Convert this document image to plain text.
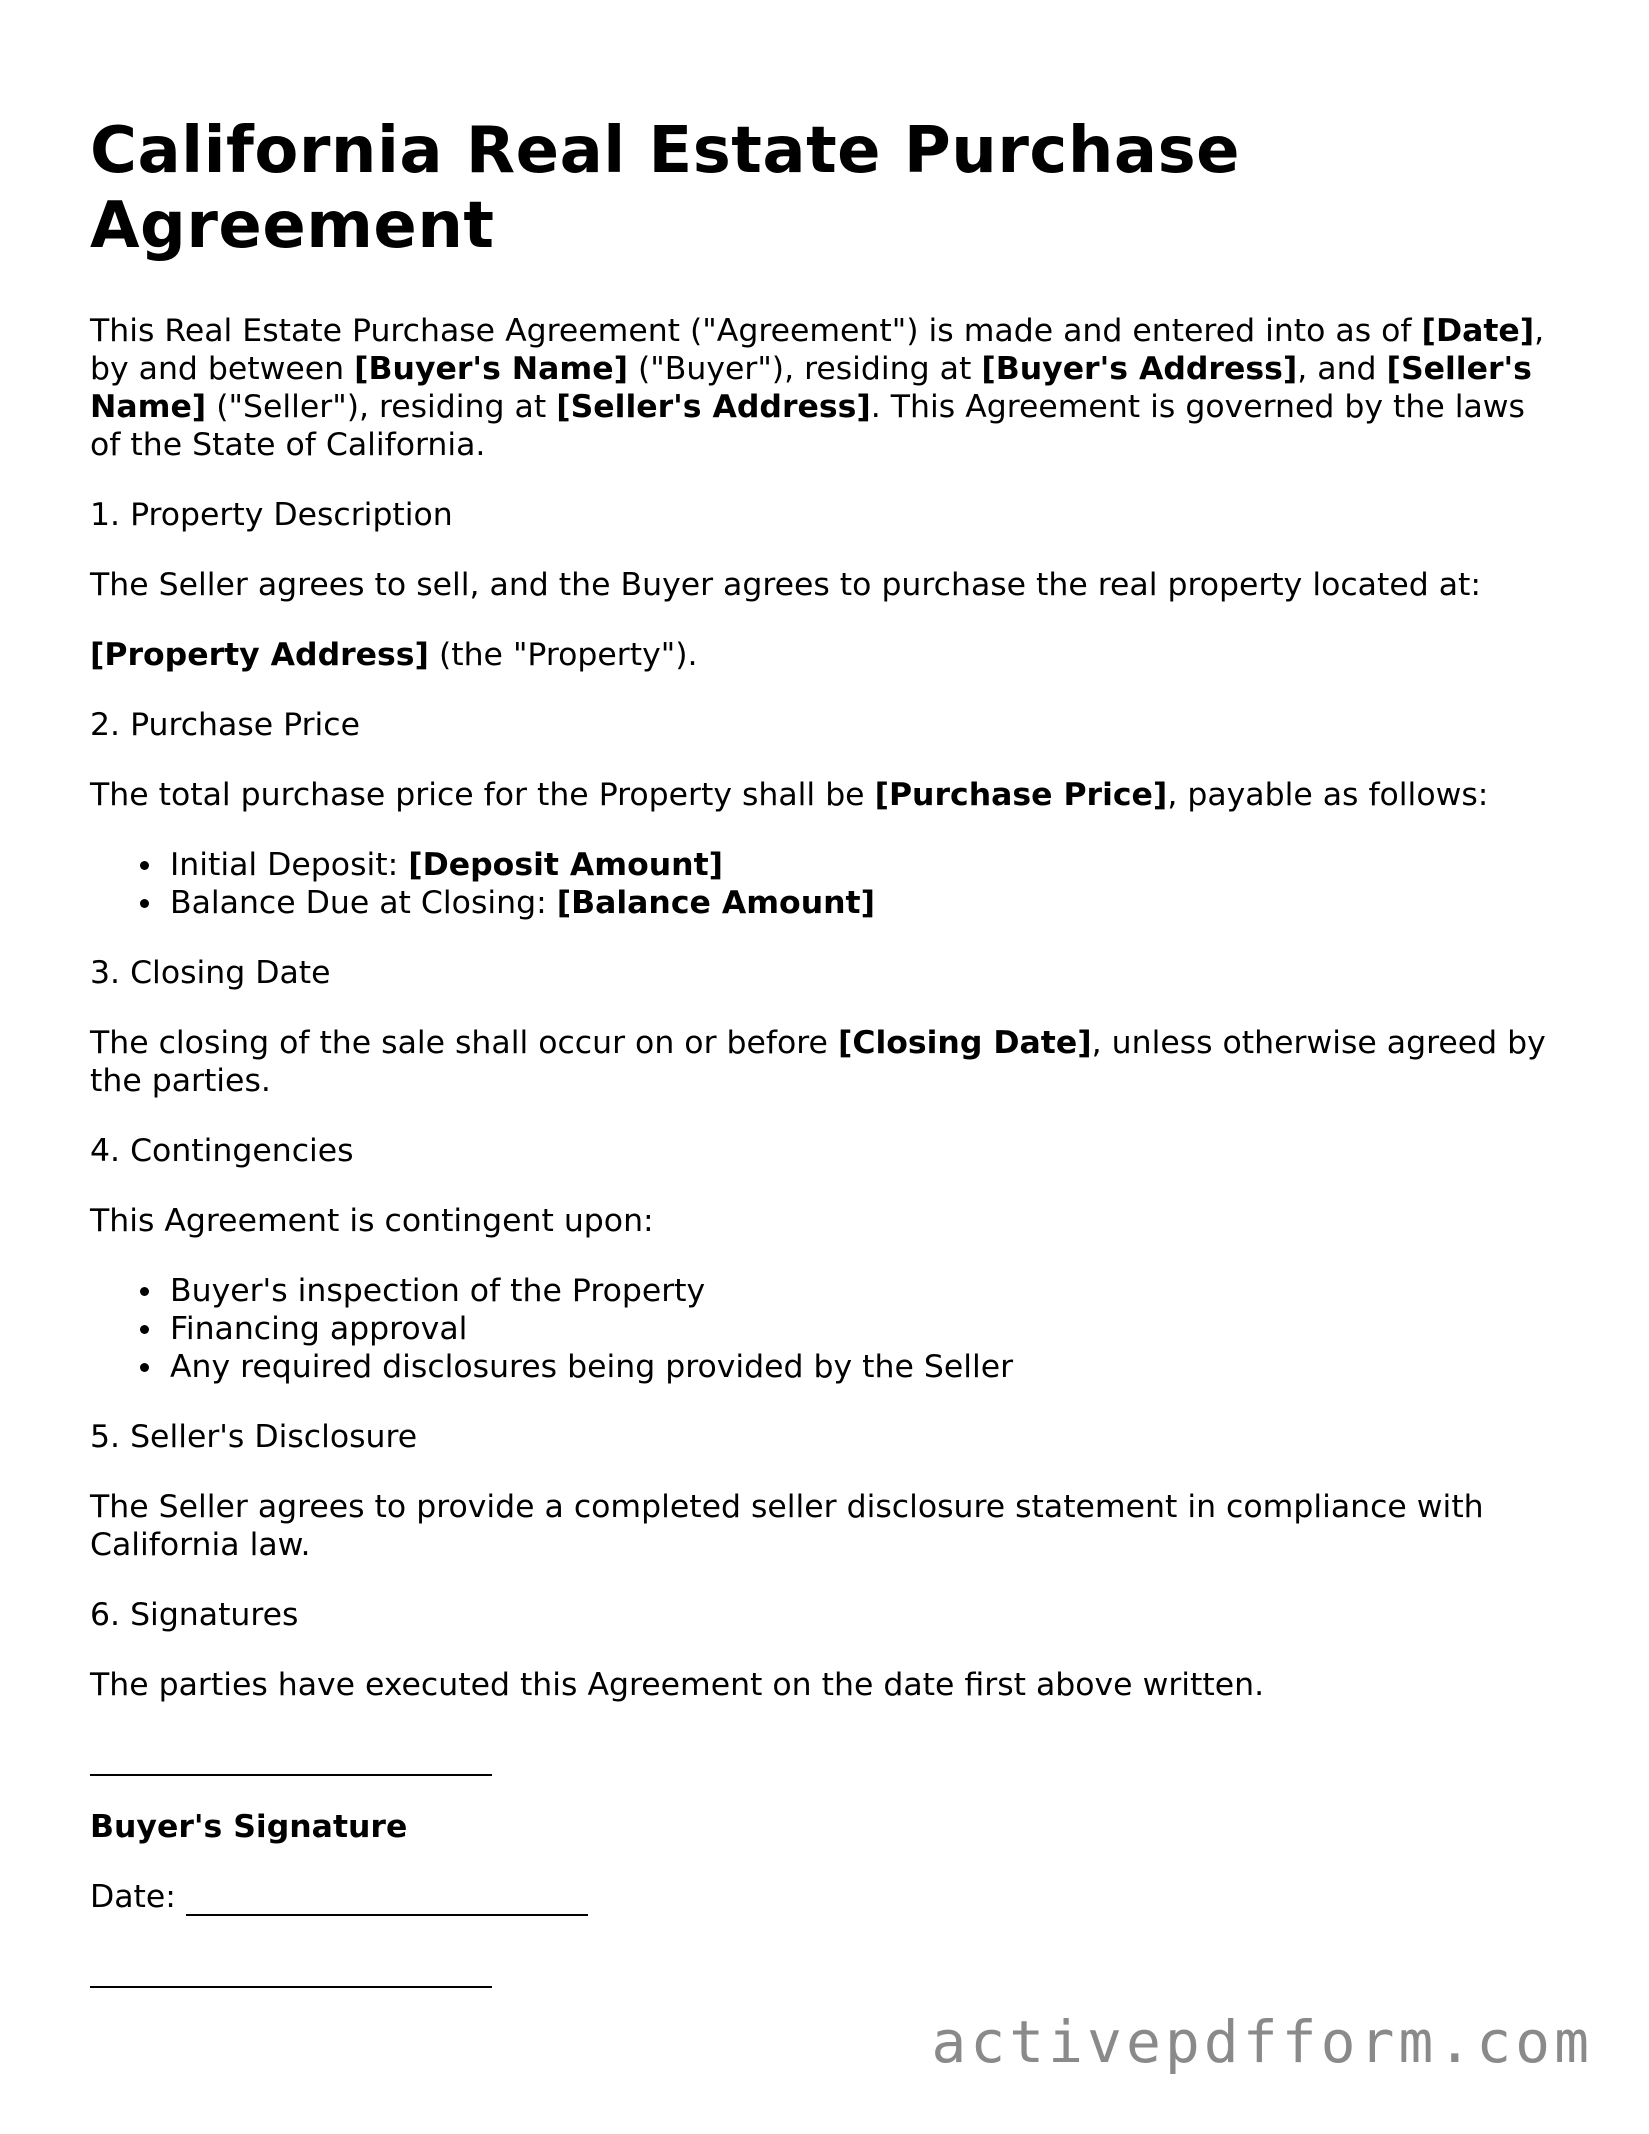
California Real Estate Purchase Agreement

This Real Estate Purchase Agreement ("Agreement") is made and entered into as of [Date], by and between [Buyer's Name] ("Buyer"), residing at [Buyer's Address], and [Seller's Name] ("Seller"), residing at [Seller's Address]. This Agreement is governed by the laws of the State of California.

1. Property Description

The Seller agrees to sell, and the Buyer agrees to purchase the real property located at:

[Property Address] (the "Property").

2. Purchase Price

The total purchase price for the Property shall be [Purchase Price], payable as follows:

Initial Deposit: [Deposit Amount]
Balance Due at Closing: [Balance Amount]

3. Closing Date

The closing of the sale shall occur on or before [Closing Date], unless otherwise agreed by the parties.

4. Contingencies

This Agreement is contingent upon:

Buyer's inspection of the Property
Financing approval
Any required disclosures being provided by the Seller

5. Seller's Disclosure

The Seller agrees to provide a completed seller disclosure statement in compliance with California law.

6. Signatures

The parties have executed this Agreement on the date first above written.

Buyer's Signature
Date:
activepdfform.com
